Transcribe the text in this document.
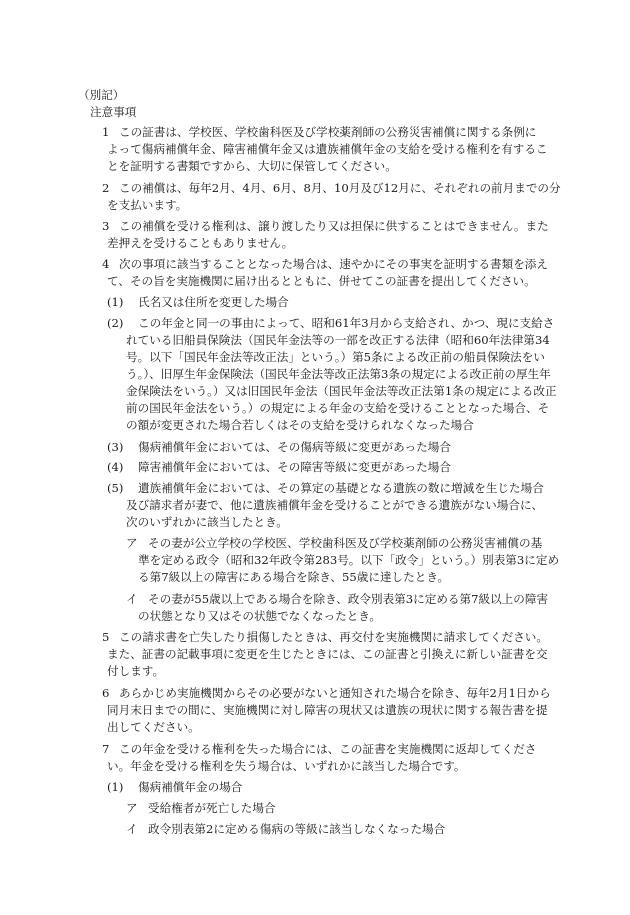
（別記）
注意事項
1 この証書は、学校医、学校歯科医及び学校薬剤師の公務災害補償に関する条例に
よって傷病補償年金、障害補償年金又は遺族補償年金の支給を受ける権利を有するこ
とを証明する書類ですから、大切に保管してください。
2 この補償は、毎年2月、4月、6月、8月、10月及び12月に、それぞれの前月までの分
を支払います。
3 この補償を受ける権利は、譲り渡したり又は担保に供することはできません。また
差押えを受けることもありません。
4 次の事項に該当することとなった場合は、速やかにその事実を証明する書類を添え
て、その旨を実施機関に届け出るとともに、併せてこの証書を提出してください。
(1) 氏名又は住所を変更した場合
(2) この年金と同一の事由によって、昭和61年3月から支給され、かつ、現に支給さ
れている旧船員保険法（国民年金法等の一部を改正する法律（昭和60年法律第34
号。以下「国民年金法等改正法」という。）第5条による改正前の船員保険法をい
う。）、旧厚生年金保険法（国民年金法等改正法第3条の規定による改正前の厚生年
金保険法をいう。）又は旧国民年金法（国民年金法等改正法第1条の規定による改正
前の国民年金法をいう。）の規定による年金の支給を受けることとなった場合、そ
の額が変更された場合若しくはその支給を受けられなくなった場合
(3) 傷病補償年金においては、その傷病等級に変更があった場合
(4) 障害補償年金においては、その障害等級に変更があった場合
(5) 遺族補償年金においては、その算定の基礎となる遺族の数に増減を生じた場合
及び請求者が妻で、他に遺族補償年金を受けることができる遺族がない場合に、
次のいずれかに該当したとき。
ア その妻が公立学校の学校医、学校歯科医及び学校薬剤師の公務災害補償の基
準を定める政令（昭和32年政令第283号。以下「政令」という。）別表第3に定め
る第7級以上の障害にある場合を除き、55歳に達したとき。
イ その妻が55歳以上である場合を除き、政令別表第3に定める第7級以上の障害
の状態となり又はその状態でなくなったとき。
5 この請求書を亡失したり損傷したときは、再交付を実施機関に請求してください。
また、証書の記載事項に変更を生じたときには、この証書と引換えに新しい証書を交
付します。
6 あらかじめ実施機関からその必要がないと通知された場合を除き、毎年2月1日から
同月末日までの間に、実施機関に対し障害の現状又は遺族の現状に関する報告書を提
出してください。
7 この年金を受ける権利を失った場合には、この証書を実施機関に返却してくださ
い。年金を受ける権利を失う場合は、いずれかに該当した場合です。
(1) 傷病補償年金の場合
ア 受給権者が死亡した場合
イ 政令別表第2に定める傷病の等級に該当しなくなった場合
